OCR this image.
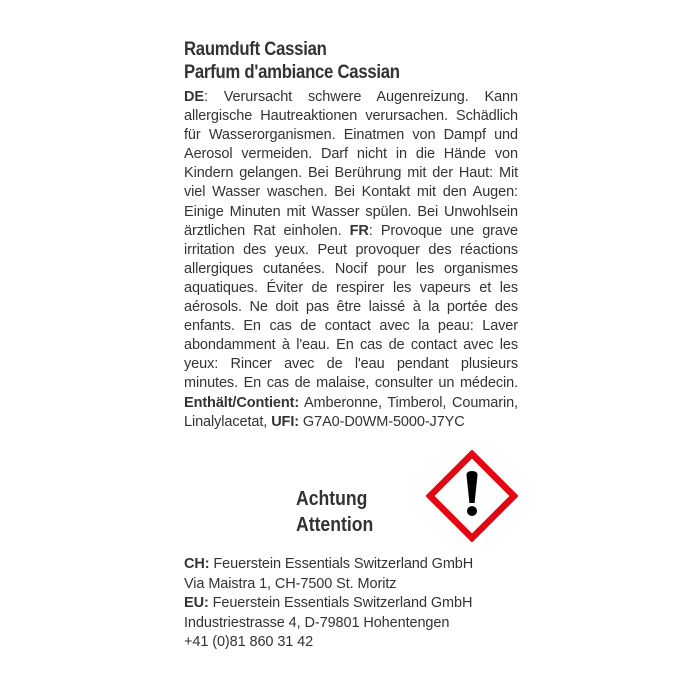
Raumduft Cassian
Parfum d'ambiance Cassian
DE: Verursacht schwere Augenreizung. Kann allergische Hautreaktionen verursachen. Schädlich für Wasserorganismen. Einatmen von Dampf und Aerosol vermeiden. Darf nicht in die Hände von Kindern gelangen. Bei Berührung mit der Haut: Mit viel Wasser waschen. Bei Kontakt mit den Augen: Einige Minuten mit Wasser spülen. Bei Unwohlsein ärztlichen Rat einholen. FR: Provoque une grave irritation des yeux. Peut provoquer des réactions allergiques cutanées. Nocif pour les organismes aquatiques. Éviter de respirer les vapeurs et les aérosols. Ne doit pas être laissé à la portée des enfants. En cas de contact avec la peau: Laver abondamment à l'eau. En cas de contact avec les yeux: Rincer avec de l'eau pendant plusieurs minutes. En cas de malaise, consulter un médecin. Enthält/Contient: Amberonne, Timberol, Coumarin, Linalylacetat, UFI: G7A0-D0WM-5000-J7YC
Achtung
Attention
CH: Feuerstein Essentials Switzerland GmbH
Via Maistra 1, CH-7500 St. Moritz
EU: Feuerstein Essentials Switzerland GmbH
Industriestrasse 4, D-79801 Hohentengen
+41 (0)81 860 31 42
